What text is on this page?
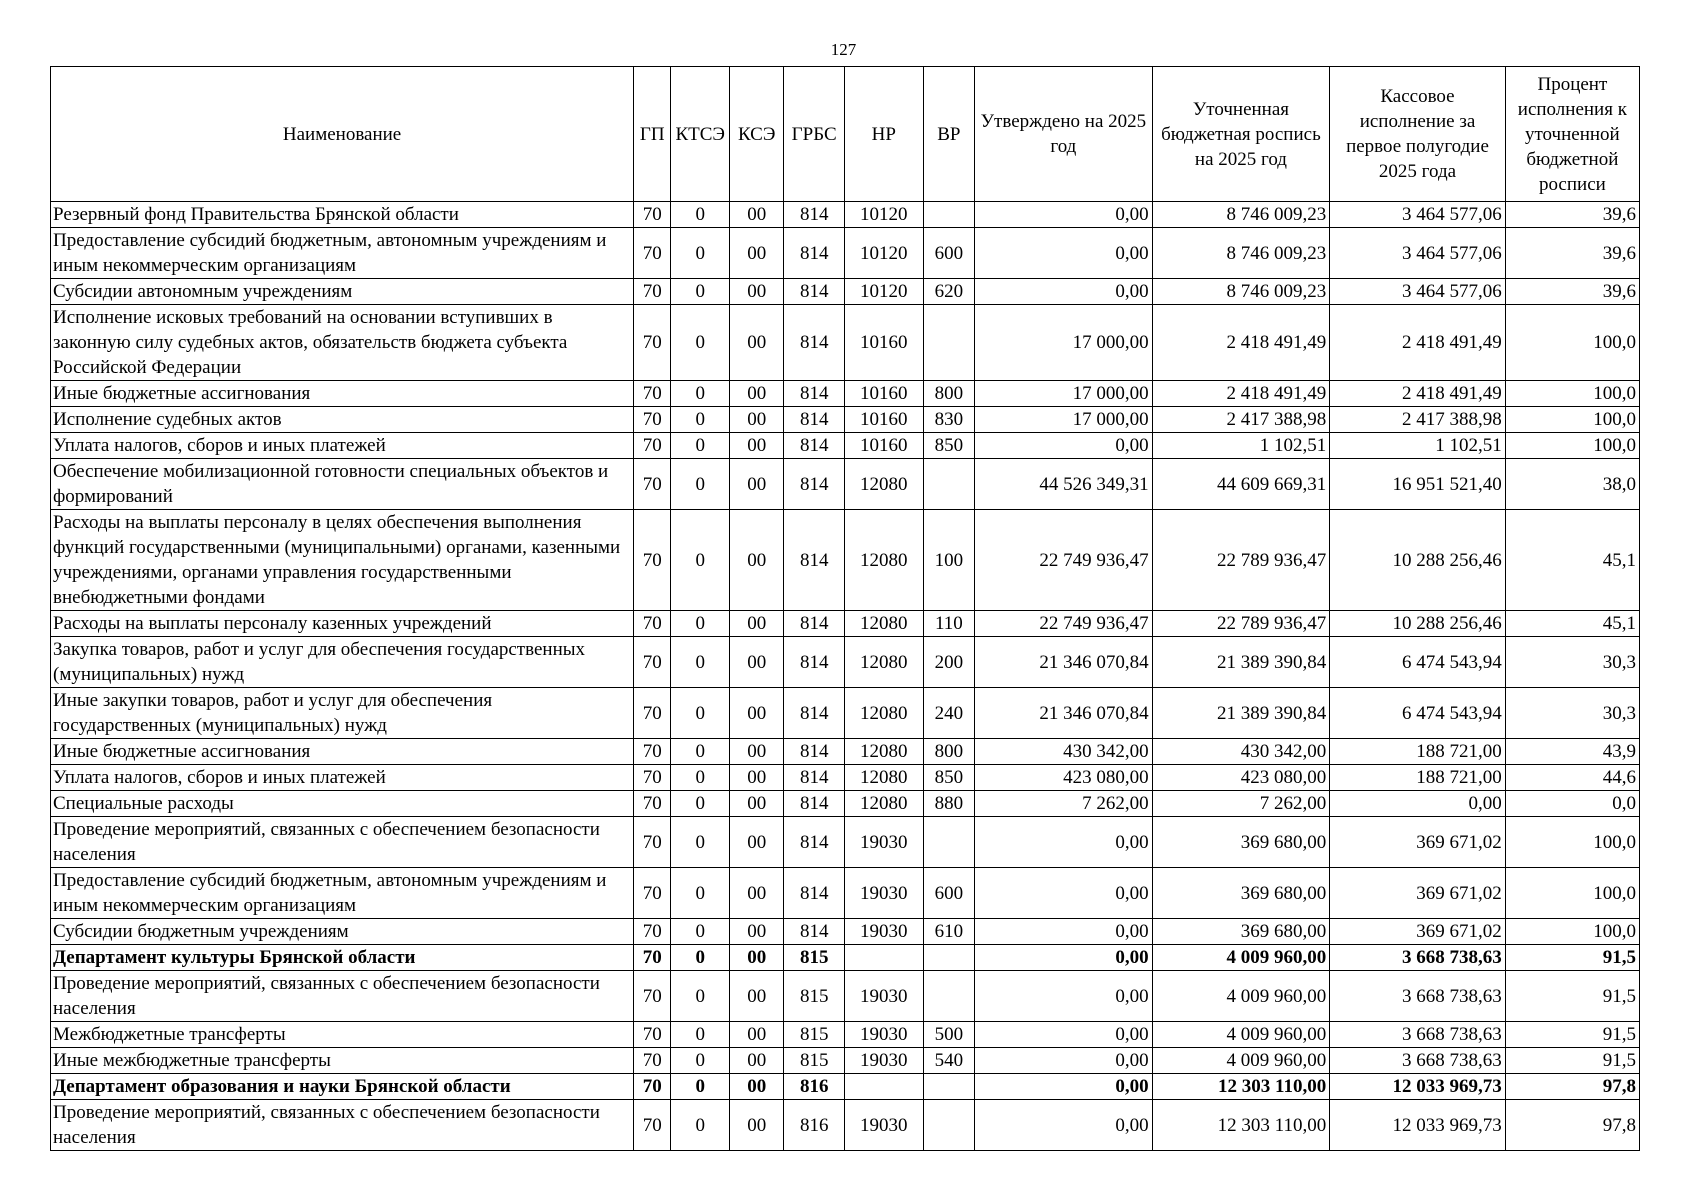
127
Наименование	ГП	КТСЭ	КСЭ	ГРБС	НР	ВР	Утверждено на 2025 год	Уточненная бюджетная роспись на 2025 год	Кассовое исполнение за первое полугодие 2025 года	Процент исполнения к уточненной бюджетной росписи
Резервный фонд Правительства Брянской области	70	0	00	814	10120		0,00	8 746 009,23	3 464 577,06	39,6
Предоставление субсидий бюджетным, автономным учреждениям и иным некоммерческим организациям	70	0	00	814	10120	600	0,00	8 746 009,23	3 464 577,06	39,6
Субсидии автономным учреждениям	70	0	00	814	10120	620	0,00	8 746 009,23	3 464 577,06	39,6
Исполнение исковых требований на основании вступивших в законную силу судебных актов, обязательств бюджета субъекта Российской Федерации	70	0	00	814	10160		17 000,00	2 418 491,49	2 418 491,49	100,0
Иные бюджетные ассигнования	70	0	00	814	10160	800	17 000,00	2 418 491,49	2 418 491,49	100,0
Исполнение судебных актов	70	0	00	814	10160	830	17 000,00	2 417 388,98	2 417 388,98	100,0
Уплата налогов, сборов и иных платежей	70	0	00	814	10160	850	0,00	1 102,51	1 102,51	100,0
Обеспечение мобилизационной готовности специальных объектов и формирований	70	0	00	814	12080		44 526 349,31	44 609 669,31	16 951 521,40	38,0
Расходы на выплаты персоналу в целях обеспечения выполнения функций государственными (муниципальными) органами, казенными учреждениями, органами управления государственными внебюджетными фондами	70	0	00	814	12080	100	22 749 936,47	22 789 936,47	10 288 256,46	45,1
Расходы на выплаты персоналу казенных учреждений	70	0	00	814	12080	110	22 749 936,47	22 789 936,47	10 288 256,46	45,1
Закупка товаров, работ и услуг для обеспечения государственных (муниципальных) нужд	70	0	00	814	12080	200	21 346 070,84	21 389 390,84	6 474 543,94	30,3
Иные закупки товаров, работ и услуг для обеспечения государственных (муниципальных) нужд	70	0	00	814	12080	240	21 346 070,84	21 389 390,84	6 474 543,94	30,3
Иные бюджетные ассигнования	70	0	00	814	12080	800	430 342,00	430 342,00	188 721,00	43,9
Уплата налогов, сборов и иных платежей	70	0	00	814	12080	850	423 080,00	423 080,00	188 721,00	44,6
Специальные расходы	70	0	00	814	12080	880	7 262,00	7 262,00	0,00	0,0
Проведение мероприятий, связанных с обеспечением безопасности населения	70	0	00	814	19030		0,00	369 680,00	369 671,02	100,0
Предоставление субсидий бюджетным, автономным учреждениям и иным некоммерческим организациям	70	0	00	814	19030	600	0,00	369 680,00	369 671,02	100,0
Субсидии бюджетным учреждениям	70	0	00	814	19030	610	0,00	369 680,00	369 671,02	100,0
Департамент культуры Брянской области	70	0	00	815			0,00	4 009 960,00	3 668 738,63	91,5
Проведение мероприятий, связанных с обеспечением безопасности населения	70	0	00	815	19030		0,00	4 009 960,00	3 668 738,63	91,5
Межбюджетные трансферты	70	0	00	815	19030	500	0,00	4 009 960,00	3 668 738,63	91,5
Иные межбюджетные трансферты	70	0	00	815	19030	540	0,00	4 009 960,00	3 668 738,63	91,5
Департамент образования и науки Брянской области	70	0	00	816			0,00	12 303 110,00	12 033 969,73	97,8
Проведение мероприятий, связанных с обеспечением безопасности населения	70	0	00	816	19030		0,00	12 303 110,00	12 033 969,73	97,8
